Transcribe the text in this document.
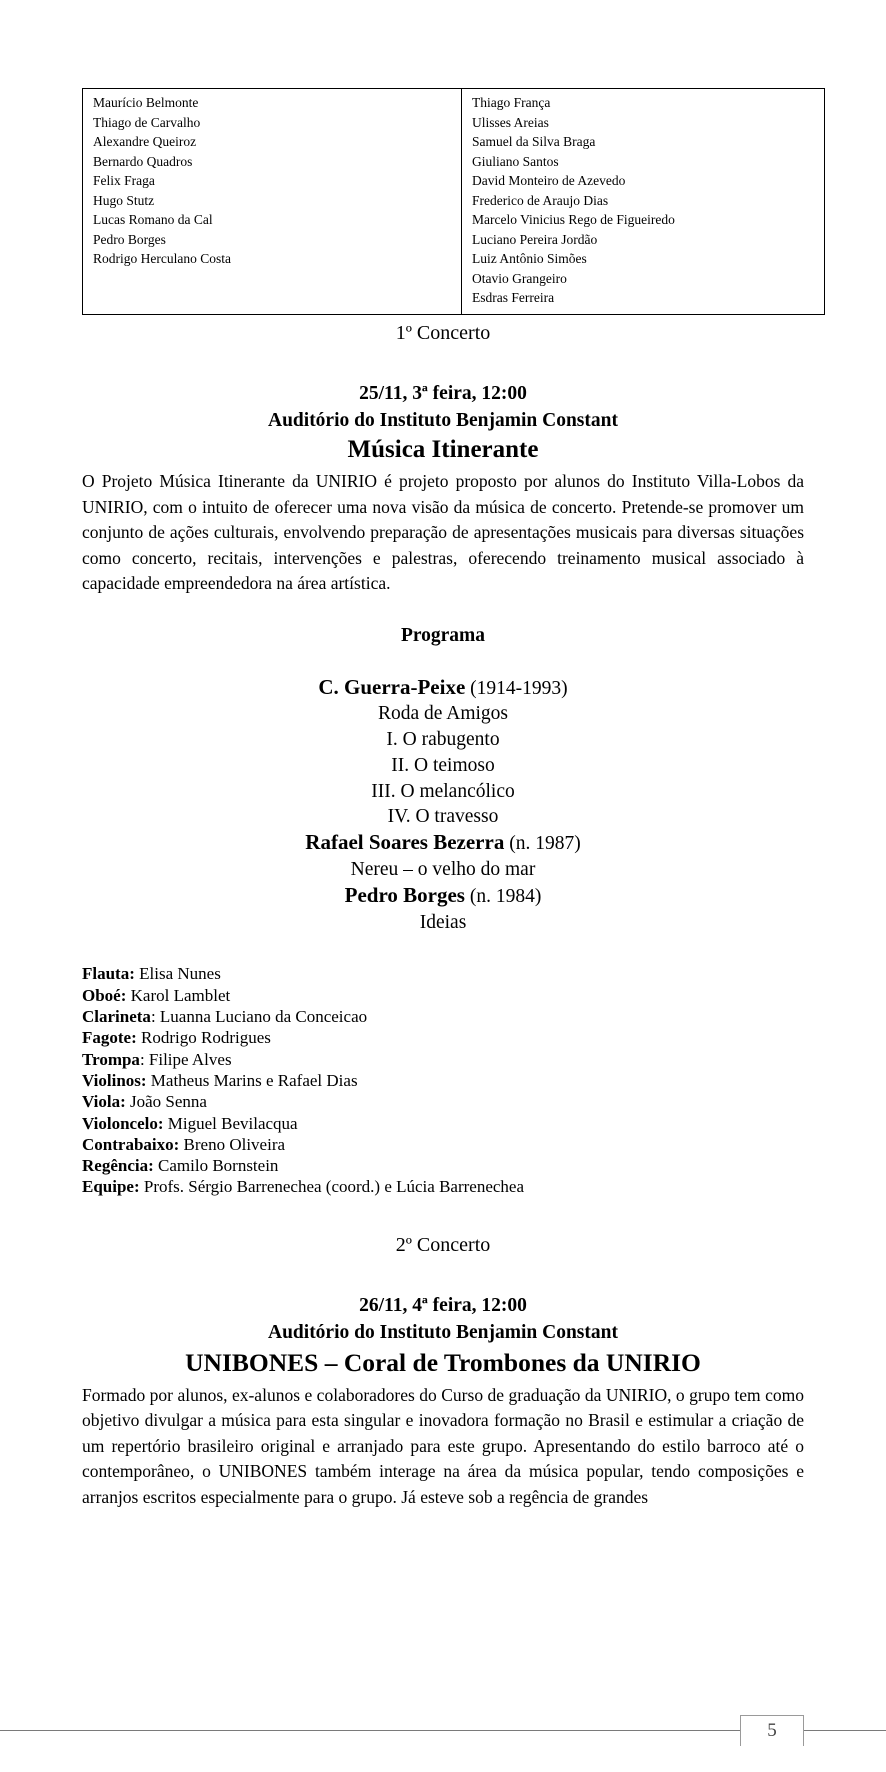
Maurício Belmonte
Thiago de Carvalho
Alexandre Queiroz
Bernardo Quadros
Felix Fraga
Hugo Stutz
Lucas Romano da Cal
Pedro Borges
Rodrigo Herculano Costa

Thiago França
Ulisses Areias
Samuel da Silva Braga
Giuliano Santos
David Monteiro de Azevedo
Frederico de Araujo Dias
Marcelo Vinicius Rego de Figueiredo
Luciano Pereira Jordão
Luiz Antônio Simões
Otavio Grangeiro
Esdras Ferreira
1º Concerto
25/11, 3ª feira, 12:00
Auditório do Instituto Benjamin Constant
Música Itinerante

O Projeto Música Itinerante da UNIRIO é projeto proposto por alunos do Instituto Villa-Lobos da UNIRIO, com o intuito de oferecer uma nova visão da música de concerto. Pretende-se promover um conjunto de ações culturais, envolvendo preparação de apresentações musicais para diversas situações como concerto, recitais, intervenções e palestras, oferecendo treinamento musical associado à capacidade empreendedora na área artística.

Programa
C. Guerra-Peixe (1914-1993)
Roda de Amigos
I. O rabugento
II. O teimoso
III. O melancólico
IV. O travesso
Rafael Soares Bezerra (n. 1987)
Nereu – o velho do mar
Pedro Borges (n. 1984)
Ideias
Flauta: Elisa Nunes
Oboé: Karol Lamblet
Clarineta: Luanna Luciano da Conceicao
Fagote: Rodrigo Rodrigues
Trompa: Filipe Alves
Violinos: Matheus Marins e Rafael Dias
Viola: João Senna
Violoncelo: Miguel Bevilacqua
Contrabaixo: Breno Oliveira
Regência: Camilo Bornstein
Equipe: Profs. Sérgio Barrenechea (coord.) e Lúcia Barrenechea
2º Concerto
26/11, 4ª feira, 12:00
Auditório do Instituto Benjamin Constant
UNIBONES – Coral de Trombones da UNIRIO

Formado por alunos, ex-alunos e colaboradores do Curso de graduação da UNIRIO, o grupo tem como objetivo divulgar a música para esta singular e inovadora formação no Brasil e estimular a criação de um repertório brasileiro original e arranjado para este grupo. Apresentando do estilo barroco até o contemporâneo, o UNIBONES também interage na área da música popular, tendo composições e arranjos escritos especialmente para o grupo. Já esteve sob a regência de grandes

5
